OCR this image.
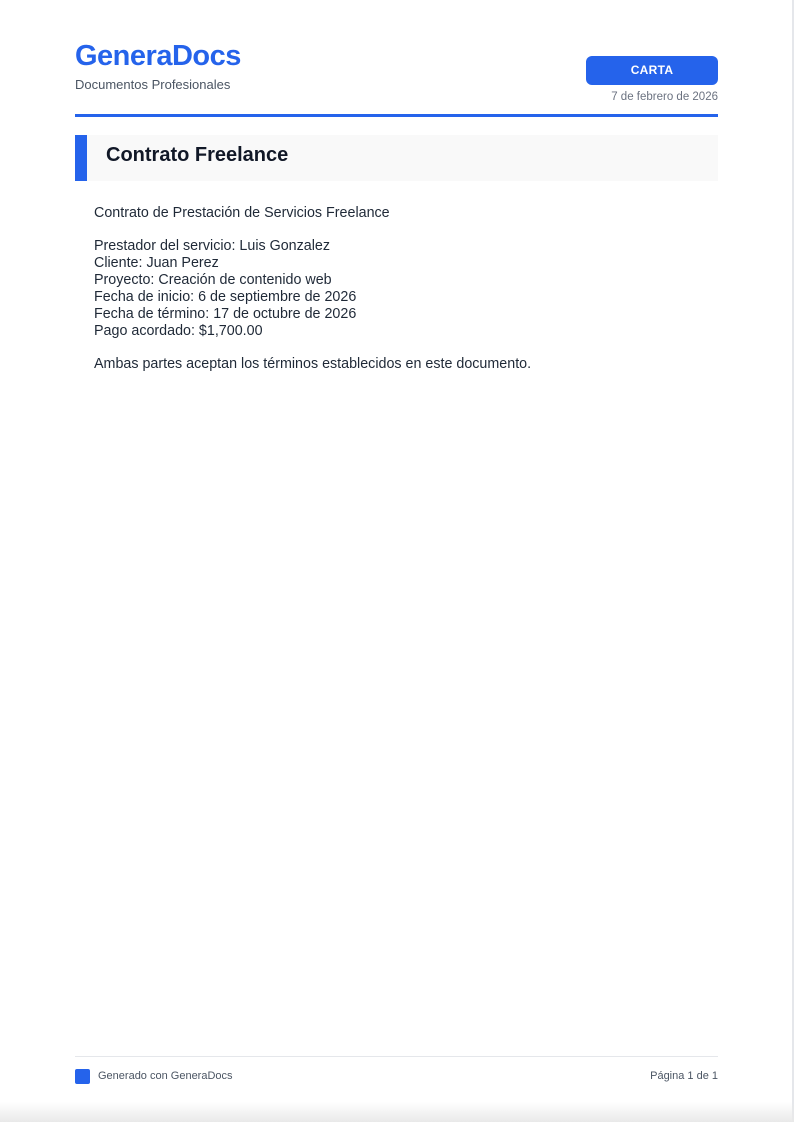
GeneraDocs
Documentos Profesionales
CARTA
7 de febrero de 2026
Contrato Freelance

Contrato de Prestación de Servicios Freelance

Prestador del servicio: Luis Gonzalez
Cliente: Juan Perez
Proyecto: Creación de contenido web
Fecha de inicio: 6 de septiembre de 2026
Fecha de término: 17 de octubre de 2026
Pago acordado: $1,700.00

Ambas partes aceptan los términos establecidos en este documento.

Generado con GeneraDocs	Página 1 de 1
